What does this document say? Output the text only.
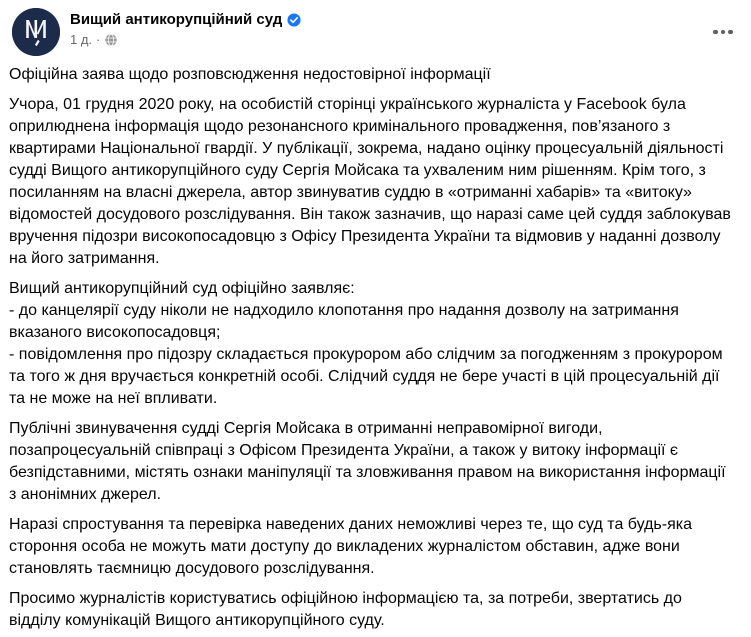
Вищий антикорупційний суд
1 д. ·

Офіційна заява щодо розповсюдження недостовірної інформації

Учора, 01 грудня 2020 року, на особистій сторінці українського журналіста у Facebook була оприлюднена інформація щодо резонансного кримінального провадження, пов’язаного з квартирами Національної гвардії. У публікації, зокрема, надано оцінку процесуальній діяльності судді Вищого антикорупційного суду Сергія Мойсака та ухваленим ним рішенням. Крім того, з посиланням на власні джерела, автор звинуватив суддю в «отриманні хабарів» та «витоку» відомостей досудового розслідування. Він також зазначив, що наразі саме цей суддя заблокував вручення підозри високопосадовцю з Офісу Президента України та відмовив у наданні дозволу на його затримання.

Вищий антикорупційний суд офіційно заявляє:
- до канцелярії суду ніколи не надходило клопотання про надання дозволу на затримання вказаного високопосадовця;
- повідомлення про підозру складається прокурором або слідчим за погодженням з прокурором та того ж дня вручається конкретній особі. Слідчий суддя не бере участі в цій процесуальній дії та не може на неї впливати.

Публічні звинувачення судді Сергія Мойсака в отриманні неправомірної вигоди, позапроцесуальній співпраці з Офісом Президента України, а також у витоку інформації є безпідставними, містять ознаки маніпуляції та зловживання правом на використання інформації з анонімних джерел.

Наразі спростування та перевірка наведених даних неможливі через те, що суд та будь-яка стороння особа не можуть мати доступу до викладених журналістом обставин, адже вони становлять таємницю досудового розслідування.

Просимо журналістів користуватись офіційною інформацією та, за потреби, звертатись до відділу комунікацій Вищого антикорупційного суду.
